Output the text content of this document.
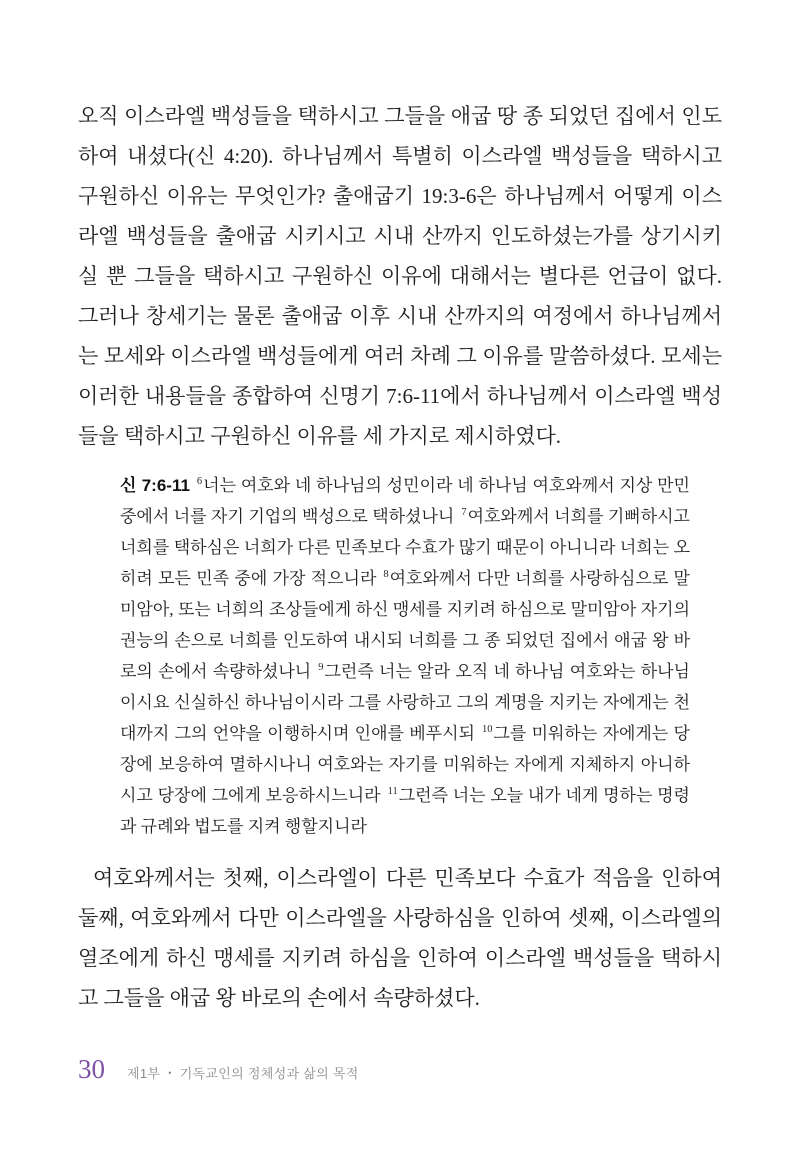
오직 이스라엘 백성들을 택하시고 그들을 애굽 땅 종 되었던 집에서 인도하여 내셨다(신 4:20). 하나님께서 특별히 이스라엘 백성들을 택하시고 구원하신 이유는 무엇인가? 출애굽기 19:3-6은 하나님께서 어떻게 이스라엘 백성들을 출애굽 시키시고 시내 산까지 인도하셨는가를 상기시키실 뿐 그들을 택하시고 구원하신 이유에 대해서는 별다른 언급이 없다. 그러나 창세기는 물론 출애굽 이후 시내 산까지의 여정에서 하나님께서는 모세와 이스라엘 백성들에게 여러 차례 그 이유를 말씀하셨다. 모세는 이러한 내용들을 종합하여 신명기 7:6-11에서 하나님께서 이스라엘 백성들을 택하시고 구원하신 이유를 세 가지로 제시하였다.

신 7:6-11 $^6$너는 여호와 네 하나님의 성민이라 네 하나님 여호와께서 지상 만민 중에서 너를 자기 기업의 백성으로 택하셨나니 $^7$여호와께서 너희를 기뻐하시고 너희를 택하심은 너희가 다른 민족보다 수효가 많기 때문이 아니니라 너희는 오히려 모든 민족 중에 가장 적으니라 $^8$여호와께서 다만 너희를 사랑하심으로 말미암아, 또는 너희의 조상들에게 하신 맹세를 지키려 하심으로 말미암아 자기의 권능의 손으로 너희를 인도하여 내시되 너희를 그 종 되었던 집에서 애굽 왕 바로의 손에서 속량하셨나니 $^9$그런즉 너는 알라 오직 네 하나님 여호와는 하나님이시요 신실하신 하나님이시라 그를 사랑하고 그의 계명을 지키는 자에게는 천 대까지 그의 언약을 이행하시며 인애를 베푸시되 $^{10}$그를 미워하는 자에게는 당장에 보응하여 멸하시나니 여호와는 자기를 미워하는 자에게 지체하지 아니하시고 당장에 그에게 보응하시느니라 $^{11}$그런즉 너는 오늘 내가 네게 명하는 명령과 규례와 법도를 지켜 행할지니라

여호와께서는 첫째, 이스라엘이 다른 민족보다 수효가 적음을 인하여 둘째, 여호와께서 다만 이스라엘을 사랑하심을 인하여 셋째, 이스라엘의 열조에게 하신 맹세를 지키려 하심을 인하여 이스라엘 백성들을 택하시고 그들을 애굽 왕 바로의 손에서 속량하셨다.

30 제1부 • 기독교인의 정체성과 삶의 목적
